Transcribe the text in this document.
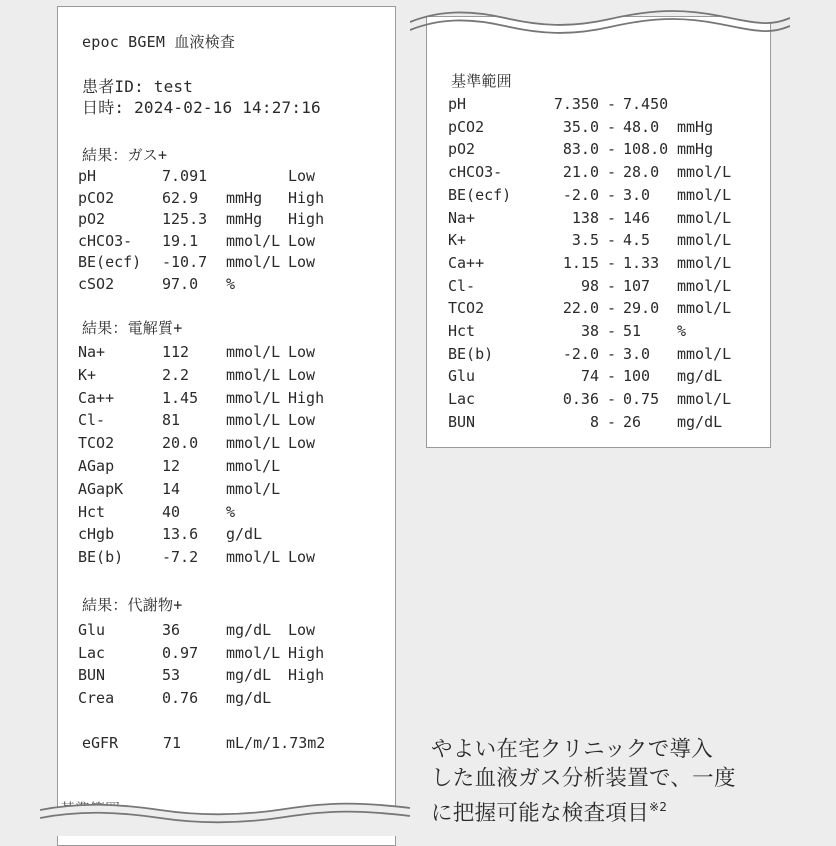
epoc BGEM 血液検査
患者ID: test
日時: 2024-02-16 14:27:16
結果：ガス+
pH	7.091	Low
pCO2	62.9 mmHg High
pO2	125.3 mmHg High
cHCO3- 19.1 mmol/L Low
BE(ecf) -10.7 mmol/L Low
cSO2	97.0 %
結果：電解質+
Na+	112 mmol/L Low
K+	2.2 mmol/L Low
Ca++	1.45 mmol/L High
Cl-	81	mmol/L Low
TCO2	20.0 mmol/L Low
AGap	12	mmol/L
AGapK	14	mmol/L
Hct	40	%
cHgb	13.6 g/dL
BE(b)	-7.2 mmol/L Low
結果：代謝物+
Glu	36	mg/dL Low
Lac	0.97 mmol/L High
BUN	53	mg/dL High
Crea	0.76 mg/dL
eGFR	71	mL/m/1.73m2
基準範囲
pH	7.350 - 7.450
pCO2	35.0 - 48.0 mmHg
pO2	83.0 - 108.0 mmHg
cHCO3-	21.0 - 28.0 mmol/L
BE(ecf)	-2.0 - 3.0 mmol/L
Na+	138 - 146 mmol/L
K+	3.5 - 4.5 mmol/L
Ca++	1.15 - 1.33 mmol/L
Cl-	98 - 107 mmol/L
TCO2	22.0 - 29.0 mmol/L
Hct	38 - 51 %
BE(b)	-2.0 - 3.0 mmol/L
Glu	74 - 100 mg/dL
Lac	0.36 - 0.75 mmol/L
BUN	8 - 26 mg/dL
やよい在宅クリニックで導入
した血液ガス分析装置で、一度
に把握可能な検査項目$^{※2}$
